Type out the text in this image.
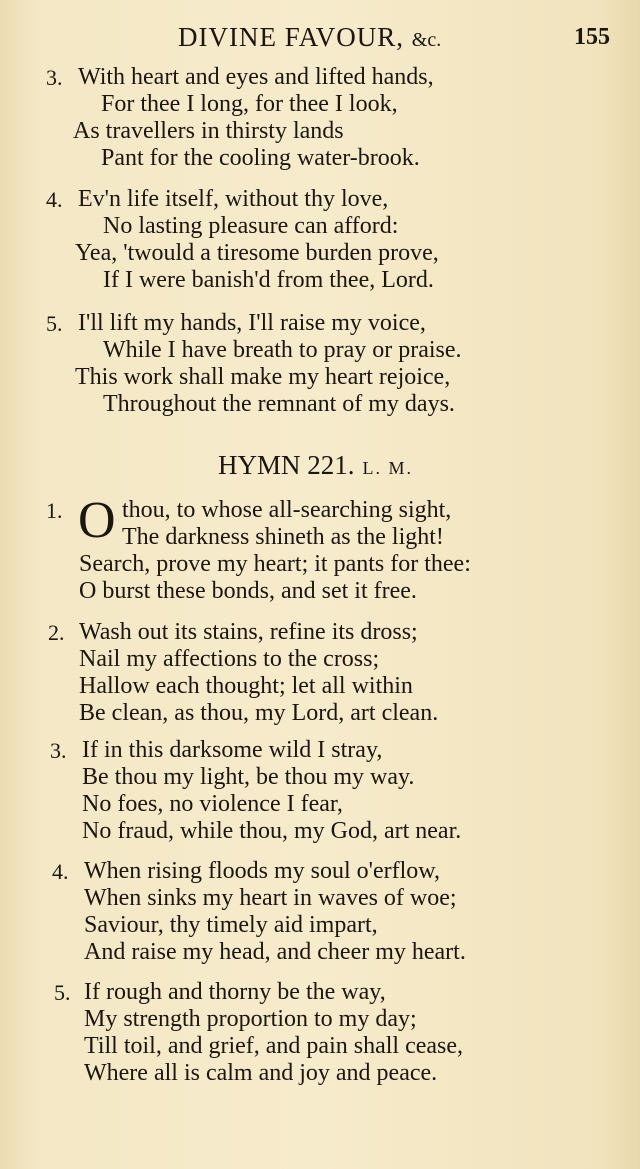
DIVINE FAVOUR, &c.	155
3. With heart and eyes and lifted hands,
For thee I long, for thee I look,
As travellers in thirsty lands
Pant for the cooling water-brook.
4. Ev'n life itself, without thy love,
No lasting pleasure can afford:
Yea, 'twould a tiresome burden prove,
If I were banish'd from thee, Lord.
5. I'll lift my hands, I'll raise my voice,
While I have breath to pray or praise.
This work shall make my heart rejoice,
Throughout the remnant of my days.
HYMN 221. L. M.
1. O thou, to whose all-searching sight,
The darkness shineth as the light!
Search, prove my heart; it pants for thee:
O burst these bonds, and set it free.
2. Wash out its stains, refine its dross;
Nail my affections to the cross;
Hallow each thought; let all within
Be clean, as thou, my Lord, art clean.
3. If in this darksome wild I stray,
Be thou my light, be thou my way.
No foes, no violence I fear,
No fraud, while thou, my God, art near.
4. When rising floods my soul o'erflow,
When sinks my heart in waves of woe;
Saviour, thy timely aid impart,
And raise my head, and cheer my heart.
5. If rough and thorny be the way,
My strength proportion to my day;
Till toil, and grief, and pain shall cease,
Where all is calm and joy and peace.
